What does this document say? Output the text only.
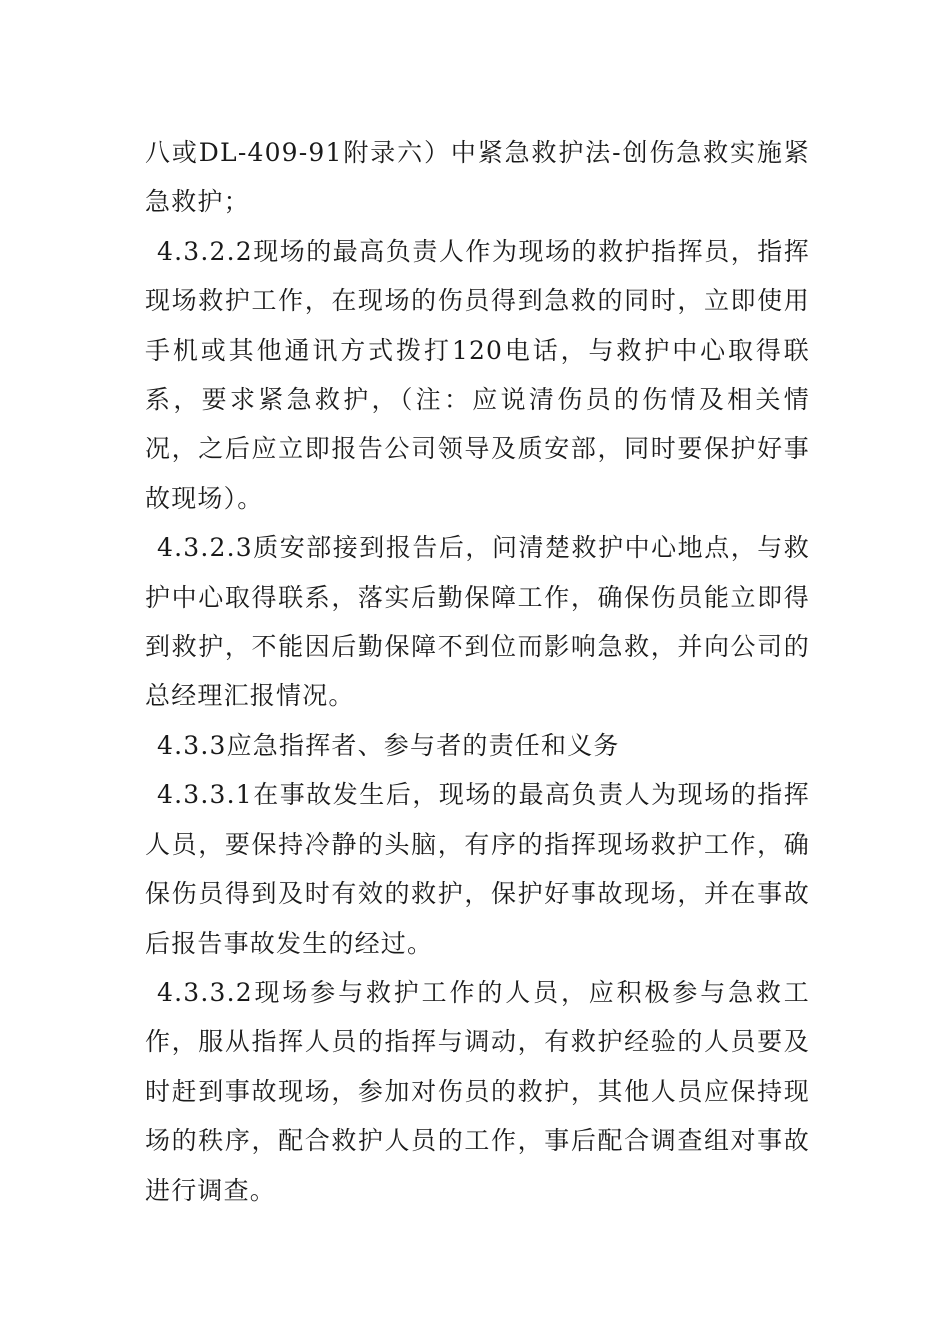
八或DL-409-91附录六）中紧急救护法-创伤急救实施紧急救护；

4.3.2.2现场的最高负责人作为现场的救护指挥员，指挥现场救护工作，在现场的伤员得到急救的同时，立即使用手机或其他通讯方式拨打120电话，与救护中心取得联系，要求紧急救护，（注：应说清伤员的伤情及相关情况，之后应立即报告公司领导及质安部，同时要保护好事故现场）。

4.3.2.3质安部接到报告后，问清楚救护中心地点，与救护中心取得联系，落实后勤保障工作，确保伤员能立即得到救护，不能因后勤保障不到位而影响急救，并向公司的总经理汇报情况。

4.3.3应急指挥者、参与者的责任和义务

4.3.3.1在事故发生后，现场的最高负责人为现场的指挥人员，要保持冷静的头脑，有序的指挥现场救护工作，确保伤员得到及时有效的救护，保护好事故现场，并在事故后报告事故发生的经过。

4.3.3.2现场参与救护工作的人员，应积极参与急救工作，服从指挥人员的指挥与调动，有救护经验的人员要及时赶到事故现场，参加对伤员的救护，其他人员应保持现场的秩序，配合救护人员的工作，事后配合调查组对事故进行调查。
